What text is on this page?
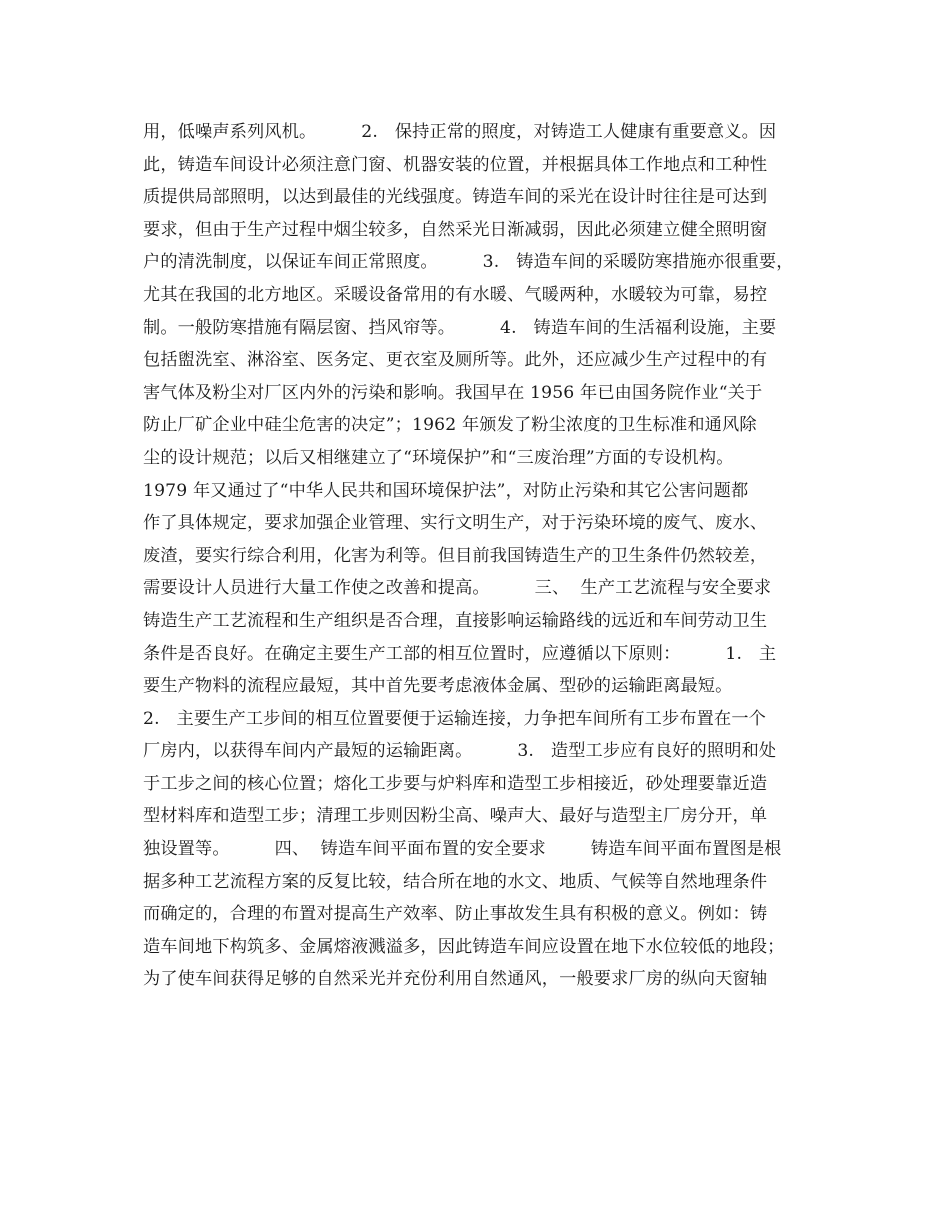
用，低噪声系列风机。        2.   保持正常的照度，对铸造工人健康有重要意义。因
此，铸造车间设计必须注意门窗、机器安装的位置，并根据具体工作地点和工种性
质提供局部照明，以达到最佳的光线强度。铸造车间的采光在设计时往往是可达到
要求，但由于生产过程中烟尘较多，自然采光日渐减弱，因此必须建立健全照明窗
户的清洗制度，以保证车间正常照度。        3.   铸造车间的采暖防寒措施亦很重要，
尤其在我国的北方地区。采暖设备常用的有水暖、气暖两种，水暖较为可靠，易控
制。一般防寒措施有隔层窗、挡风帘等。        4.   铸造车间的生活福利设施，主要
包括盥洗室、淋浴室、医务定、更衣室及厕所等。此外，还应减少生产过程中的有
害气体及粉尘对厂区内外的污染和影响。我国早在 1956 年已由国务院作业“关于
防止厂矿企业中硅尘危害的决定”；1962 年颁发了粉尘浓度的卫生标准和通风除
尘的设计规范；以后又相继建立了“环境保护”和“三废治理”方面的专设机构。
1979 年又通过了“中华人民共和国环境保护法”，对防止污染和其它公害问题都
作了具体规定，要求加强企业管理、实行文明生产，对于污染环境的废气、废水、
废渣，要实行综合利用，化害为利等。但目前我国铸造生产的卫生条件仍然较差，
需要设计人员进行大量工作使之改善和提高。        三、  生产工艺流程与安全要求
铸造生产工艺流程和生产组织是否合理，直接影响运输路线的远近和车间劳动卫生
条件是否良好。在确定主要生产工部的相互位置时，应遵循以下原则：        1.   主
要生产物料的流程应最短，其中首先要考虑液体金属、型砂的运输距离最短。
2.   主要生产工步间的相互位置要便于运输连接，力争把车间所有工步布置在一个
厂房内，以获得车间内产最短的运输距离。        3.   造型工步应有良好的照明和处
于工步之间的核心位置；熔化工步要与炉料库和造型工步相接近，砂处理要靠近造
型材料库和造型工步；清理工步则因粉尘高、噪声大、最好与造型主厂房分开，单
独设置等。        四、  铸造车间平面布置的安全要求        铸造车间平面布置图是根
据多种工艺流程方案的反复比较，结合所在地的水文、地质、气候等自然地理条件
而确定的，合理的布置对提高生产效率、防止事故发生具有积极的意义。例如：铸
造车间地下构筑多、金属熔液溅溢多，因此铸造车间应设置在地下水位较低的地段；
为了使车间获得足够的自然采光并充份利用自然通风，一般要求厂房的纵向天窗轴
